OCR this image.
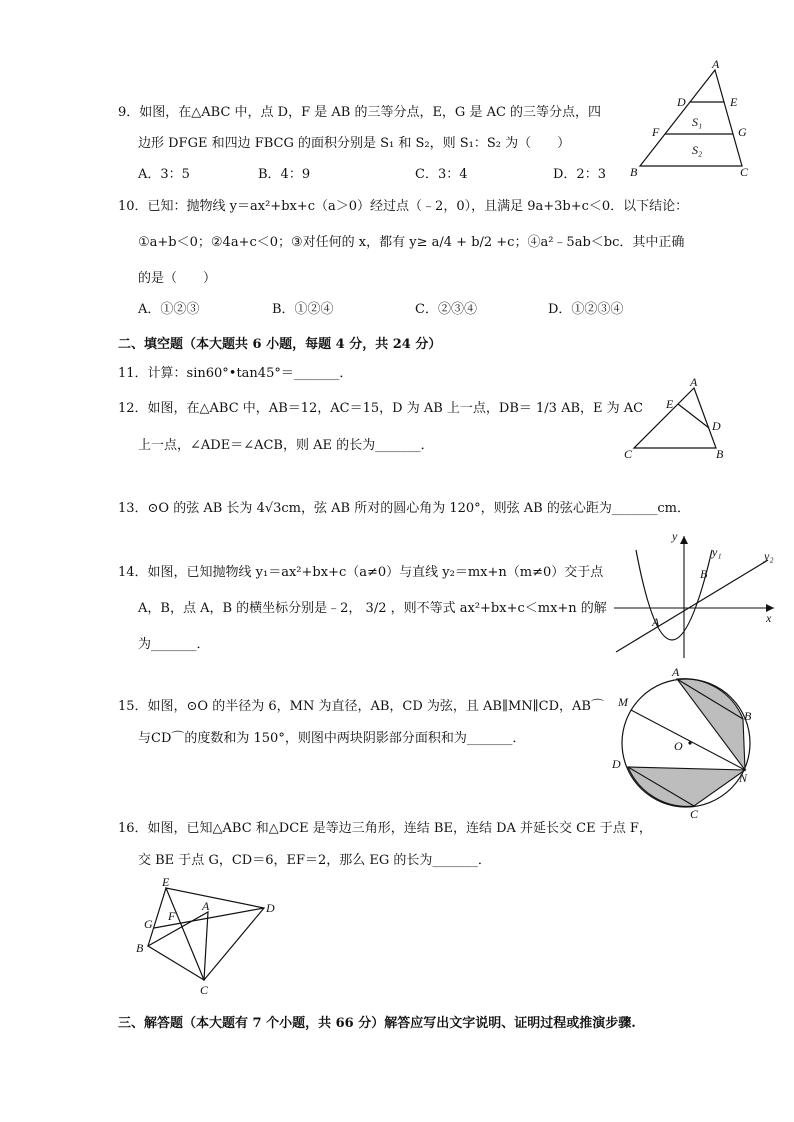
9．如图，在△ABC 中，点 D，F 是 AB 的三等分点，E，G 是 AC 的三等分点，四
边形 DFGE 和四边 FBCG 的面积分别是 S₁ 和 S₂，则 S₁：S₂ 为（　　）
A．3：5	B．4：9	C．3：4	D．2：3
A
D	E
F	G
S₁
S₂
B	C
10．已知：抛物线 y＝ax²+bx+c（a＞0）经过点（﹣2，0），且满足 9a+3b+c＜0．以下结论：
①a+b＜0；②4a+c＜0；③对任何的 x，都有 y≥ a/4 + b/2 +c；④a²﹣5ab＜bc．其中正确
的是（　　）
A．①②③	B．①②④	C．②③④	D．①②③④
二、填空题（本大题共 6 小题，每题 4 分，共 24 分）
11．计算：sin60°•tan45°＝_______．
12．如图，在△ABC 中，AB＝12，AC＝15，D 为 AB 上一点，DB＝ 1/3 AB，E 为 AC
上一点，∠ADE＝∠ACB，则 AE 的长为_______．
A
E
D
C	B
13．⊙O 的弦 AB 长为 4√3cm，弦 AB 所对的圆心角为 120°，则弦 AB 的弦心距为_______cm．
14．如图，已知抛物线 y₁＝ax²+bx+c（a≠0）与直线 y₂＝mx+n（m≠0）交于点
A，B，点 A，B 的横坐标分别是﹣2， 3/2 ，则不等式 ax²+bx+c＜mx+n 的解
为_______．
y
x
y₁	y₂
B
A
15．如图，⊙O 的半径为 6，MN 为直径，AB，CD 为弦，且 AB∥MN∥CD，AB⌒
与CD⌒的度数和为 150°，则图中两块阴影部分面积和为_______．
A
B
M
O
D
N
C
16．如图，已知△ABC 和△DCE 是等边三角形，连结 BE，连结 DA 并延长交 CE 于点 F，
交 BE 于点 G，CD＝6，EF＝2，那么 EG 的长为_______．
E
D
A
F
G
B
C
三、解答题（本大题有 7 个小题，共 66 分）解答应写出文字说明、证明过程或推演步骤.
